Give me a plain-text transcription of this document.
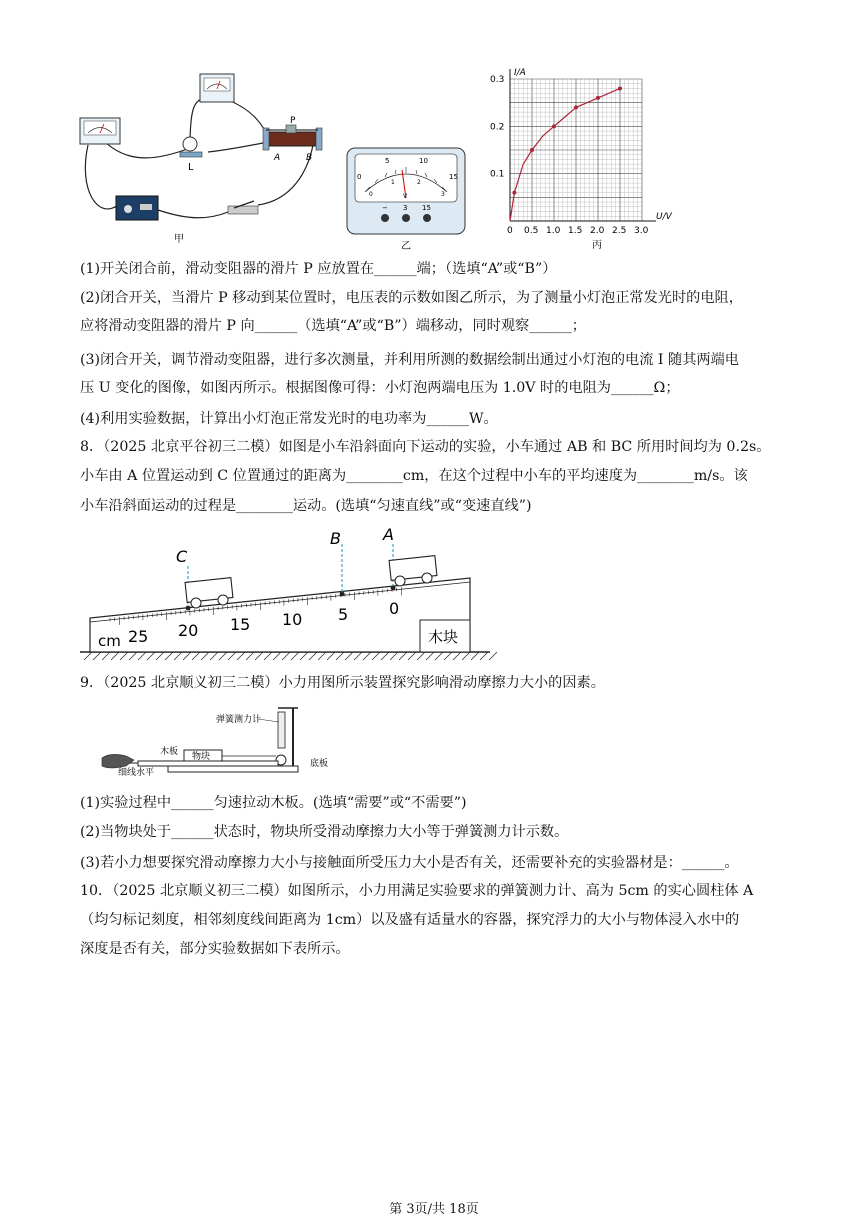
L
P
A	B
甲
5	10
0	15
1	2
0	3
V
− 3 15
乙
0 0.5 1.0 1.5 2.0 2.5 3.0
0.1
0.2
0.3
I/A
U/V
丙
(1)开关闭合前，滑动变阻器的滑片 P 应放置在______端；（选填“A”或“B”）
(2)闭合开关，当滑片 P 移动到某位置时，电压表的示数如图乙所示，为了测量小灯泡正常发光时的电阻，
应将滑动变阻器的滑片 P 向______（选填“A”或“B”）端移动，同时观察______；
(3)闭合开关，调节滑动变阻器，进行多次测量，并利用所测的数据绘制出通过小灯泡的电流 I 随其两端电
压 U 变化的图像，如图丙所示。根据图像可得：小灯泡两端电压为 1.0V 时的电阻为______Ω；
(4)利用实验数据，计算出小灯泡正常发光时的电功率为______W。
8．（2025 北京平谷初三二模）如图是小车沿斜面向下运动的实验，小车通过 AB 和 BC 所用时间均为 0.2s。
小车由 A 位置运动到 C 位置通过的距离为________cm，在这个过程中小车的平均速度为________m/s。该
小车沿斜面运动的过程是________运动。(选填“匀速直线”或“变速直线”)
木块
cm 25 20 15 10 5	0
C
B	A
9．（2025 北京顺义初三二模）小力用图所示装置探究影响滑动摩擦力大小的因素。
物块
弹簧测力计
木板
细线水平
底板
(1)实验过程中______匀速拉动木板。(选填“需要”或“不需要”)
(2)当物块处于______状态时，物块所受滑动摩擦力大小等于弹簧测力计示数。
(3)若小力想要探究滑动摩擦力大小与接触面所受压力大小是否有关，还需要补充的实验器材是：______。
10．（2025 北京顺义初三二模）如图所示，小力用满足实验要求的弹簧测力计、高为 5cm 的实心圆柱体 A
（均匀标记刻度，相邻刻度线间距离为 1cm）以及盛有适量水的容器，探究浮力的大小与物体浸入水中的
深度是否有关，部分实验数据如下表所示。
第 3页/共 18页
